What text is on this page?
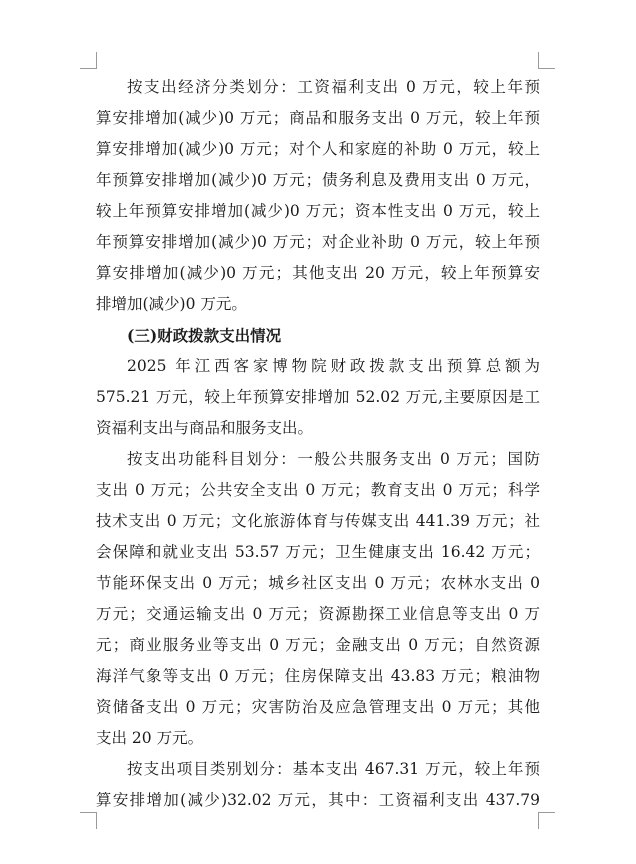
按支出经济分类划分：工资福利支出 0 万元，较上年预
算安排增加(减少)0 万元；商品和服务支出 0 万元，较上年预
算安排增加(减少)0 万元；对个人和家庭的补助 0 万元，较上
年预算安排增加(减少)0 万元；债务利息及费用支出 0 万元，
较上年预算安排增加(减少)0 万元；资本性支出 0 万元，较上
年预算安排增加(减少)0 万元；对企业补助 0 万元，较上年预
算安排增加(减少)0 万元；其他支出 20 万元，较上年预算安
排增加(减少)0 万元。
(三)财政拨款支出情况
2025 年江西客家博物院财政拨款支出预算总额为
575.21 万元，较上年预算安排增加 52.02 万元,主要原因是工
资福利支出与商品和服务支出。
按支出功能科目划分：一般公共服务支出 0 万元；国防
支出 0 万元；公共安全支出 0 万元；教育支出 0 万元；科学
技术支出 0 万元；文化旅游体育与传媒支出 441.39 万元；社
会保障和就业支出 53.57 万元；卫生健康支出 16.42 万元；
节能环保支出 0 万元；城乡社区支出 0 万元；农林水支出 0
万元；交通运输支出 0 万元；资源勘探工业信息等支出 0 万
元；商业服务业等支出 0 万元；金融支出 0 万元；自然资源
海洋气象等支出 0 万元；住房保障支出 43.83 万元；粮油物
资储备支出 0 万元；灾害防治及应急管理支出 0 万元；其他
支出 20 万元。
按支出项目类别划分：基本支出 467.31 万元，较上年预
算安排增加(减少)32.02 万元，其中：工资福利支出 437.79
